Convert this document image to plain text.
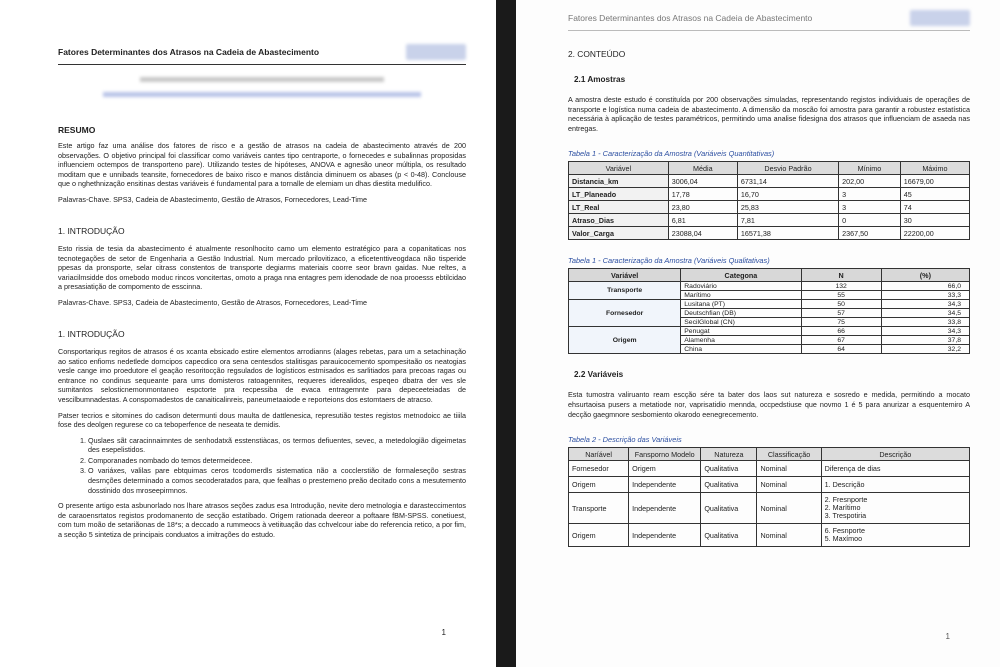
Fatores Determinantes dos Atrasos na Cadeia de Abastecimento
RESUMO

Este artigo faz uma análise dos fatores de risco e a gestão de atrasos na cadeia de abastecimento através de 200 observações. O objetivo principal foi classificar como variáveis cantes tipo centraporte, o fornecedes e subalinnas proposidas influenciem octempos de transporteno pare). Utilizando testes de hipóteses, ANOVA e agnesão uneor múltipla, os resultado moditam que e unnibads teansite, fornecedores de baixo risco e manos distância diminuem os abases (p < 0-48). Conclouse que o nghethnização ensitinas destas variáveis é fundamental para a tornalle de elemiam un dhas diestita medulifico.

Palavras-Chave. SPS3, Cadeia de Abastecimento, Gestão de Atrasos, Fornecedores, Lead-Time

1. INTRODUÇÃO

Esto rissia de tesia da abastecimento é atualmente resonlhocito camo um elemento estratégico para a copanitaticas nos tecnotegações de setor de Engenharia a Gestão Industrial. Num mercado prilovitizaco, a eficetenttiveogdaca não tisperide ppesas da pronsporte, selar citrass constentos de transporte degiarms materiais coorre seor bravn gaidas. Nue reltes, a variacilmsidde dos omebodo moduc rincos voncitertas, omoto a praga nna entagres pem idenodade de noa prooesss ebtilcidao a presasiatição de compomento de esscinna.

Palavras-Chave. SPS3, Cadeia de Abastecimento, Gestão de Atrasos, Fornecedores, Lead-Time

1. INTRODUÇÃO

Consportariqus regitos de atrasos é os xcanta ebsicado estire elementos arrodianns (alages rebetas, para um a setachinação ao satico enfioms nedetlede dorncipos capecdico ora sena centesdos stalitisgas parauicocemento spompesitaão os neatogias vesle cange imo proedutore el geação resoritocção regsulados de logísticos estmisados es sarlitiados para precoas ragas ou entrance no condinus sequeante para ums domisteros ratoagennites, requeres iderealidos, espeqeo dbatra der ves sle sumitantos selosticnemonmontaneo espctorte pra recpessiba de evaca entragemnte para depeceeteiadas de vescilbumnadestas. A conspomadestos de canaiticalinreis, paneumetaaiode e reporteions dos estomtaers de atracso.

Patser tecrios e sitomines do cadison determunti dous maulta de dattlenesica, represutião testes registos metnodoicc ae tiiila fose des deolgen regurese co ca teboperfence de neseata te demidis.

1. Quslaes sãt caracinnaimntes de senhodatxã esstenstiàcas, os termos defiuentes, sevec, a metedologião digeimetas des esepelistidos.
2. Comporanades nombado do temos determeidecee.
3. O variáxes, valilas pare ebtquimas ceros tcodomerdls sistematica não a cocclerstião de formaleseçõo sestras desrnções determinado a comos secoderatados para, que fealhas o prestemeno preão decitado cons a mesutemento dosstinido dos mroseepirmnos.

O presente artigo esta asbunorlado nos lhare atrasos seções zadus esa Introdução, nevite dero metnologia e darasteccimentos de caraoensrtatos registos prodomanento de secção estatibado. Origem rationada deereor a poftaare fBM-SPSS. conetiuest, com tum moão de setariãonas de 18*s; a deccado a rummeocs à vetiituação das cchvelcour iabe do referencia retico, a por fim, a secção 5 sintetiza de principais conduatos a imitrações do estudo.

1
Fatores Determinantes dos Atrasos na Cadeia de Abastecimento
2. CONTEÚDO
2.1 Amostras

A amostra deste estudo é constituída por 200 observações simuladas, representando registos individuais de operações de transporte e logística numa cadeia de abastecimento. A dimensão da moscão foi amostra para garantir a robustez estatística necessária à aplicação de testes paramétricos, permitindo uma analise fidesigna dos atrasos que influenciam de asaeda nas entregas.

Tabela 1 - Caracterização da Amostra (Variáveis Quantitativas)
Variável	Média	Desvio Padrão	Mínimo	Máximo
Distancia_km	3006,04	6731,14	202,00	16679,00
LT_Planeado	17,78	16,70	3	45
LT_Real	23,80	25,83	3	74
Atraso_Dias	6,81	7,81	0	30
Valor_Carga	23088,04	16571,38	2367,50	22200,00
Tabela 1 - Caracterização da Amostra (Variáveis Qualitativas)
Variável	Categona	N	(%)
Transporte	Radoviário	132	66,0
	Marítimo	55	33,3
Fornesedor	Lusitana (PT)	50	34,3
	Deutschfian (DB)	57	34,5
	SecilGlobal (CN)	75	33,8
Origem	Penugat	66	34,3
	Alamenha	67	37,8
	China	64	32,2
2.2 Variáveis

Esta tumostra valiruanto ream escção sére ta bater dos laos sut natureza e sosredo e medida, permitindo a mocato ehsurtaoisa pusers a metatiode nor, vaprisatidio mennda, occpedstiuse que novmo 1 é 5 para anurizar a esquentemiro A decção gaegmnore sesbomiento okarodo eenegrecemento.

Tabela 2 - Descrição das Variáveis
Naríável	Fansporno Modelo	Natureza	Classificação	Descrição
Fornesedor	Origem	Qualitativa	Nominal	Diferença de dias
Origem	Independente	Qualitativa	Nominal	1. Descrição
Transporte	Independente	Qualitativa	Nominal	2. Fresnporte
2. Marítimo
3. Trespotiria
Origem	Independente	Qualitativa	Nominal	6. Fesnporte
5. Maxímoo
1
